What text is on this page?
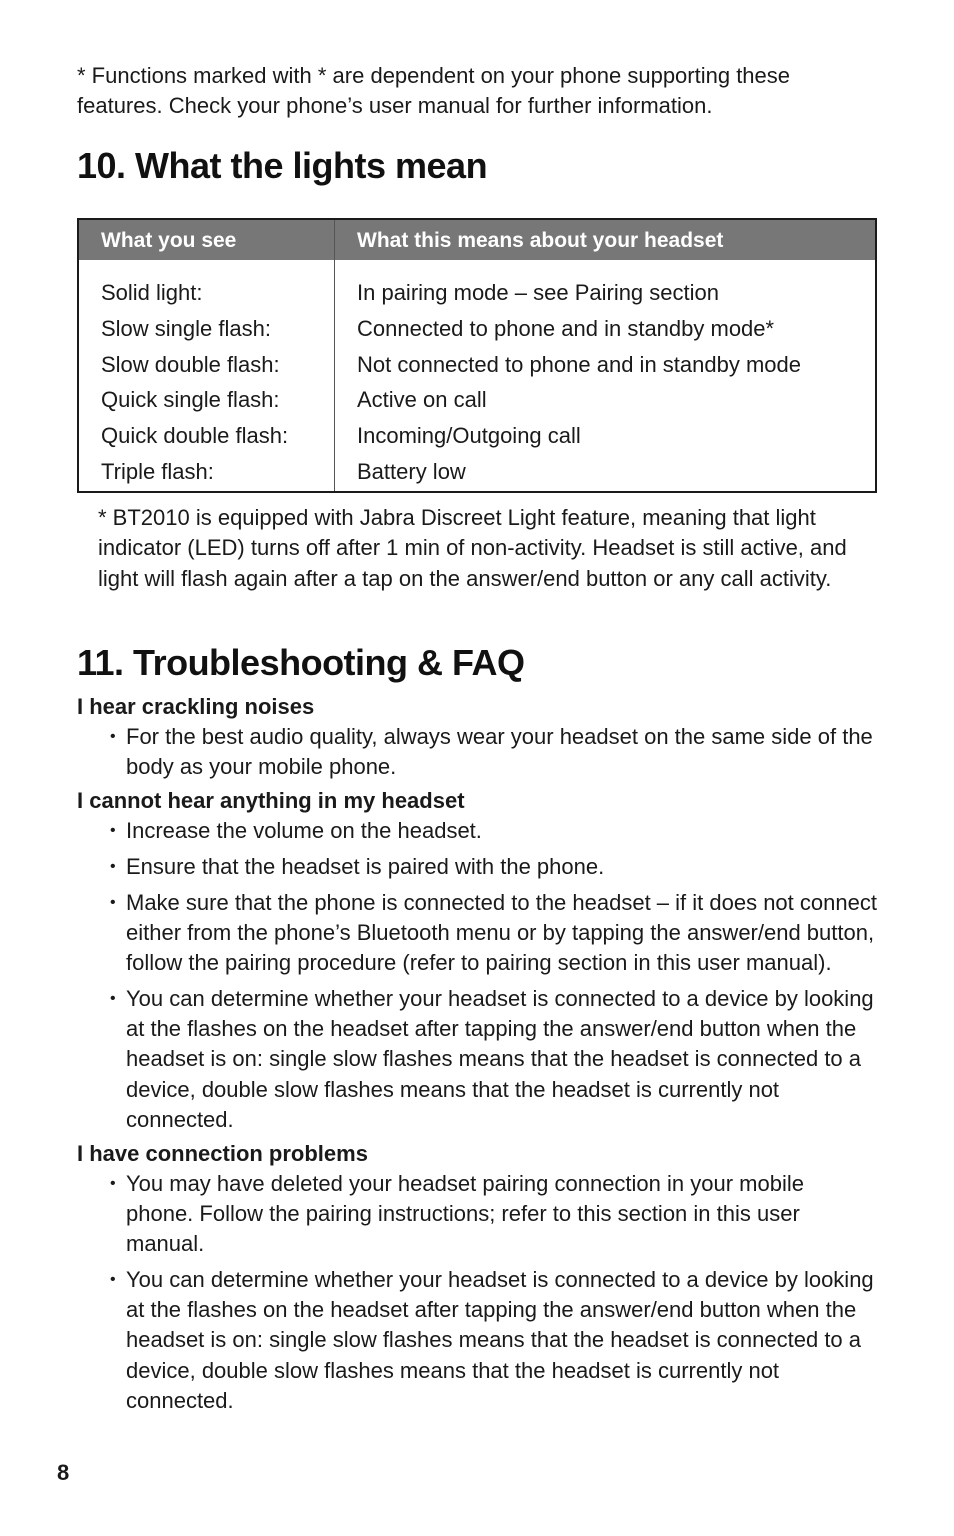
* Functions marked with * are dependent on your phone supporting these features. Check your phone’s user manual for further information.

10. What the lights mean
What you see	What this means about your headset
Solid light:
Slow single flash:
Slow double flash:
Quick single flash:
Quick double flash:
Triple flash:
In pairing mode – see Pairing section
Connected to phone and in standby mode*
Not connected to phone and in standby mode
Active on call
Incoming/Outgoing call
Battery low

* BT2010 is equipped with Jabra Discreet Light feature, meaning that light indicator (LED) turns off after 1 min of non-activity. Headset is still active, and light will flash again after a tap on the answer/end button or any call activity.

11. Troubleshooting & FAQ
I hear crackling noises
• For the best audio quality, always wear your headset on the same side of the body as your mobile phone.
I cannot hear anything in my headset
• Increase the volume on the headset.
• Ensure that the headset is paired with the phone.
• Make sure that the phone is connected to the headset – if it does not connect either from the phone’s Bluetooth menu or by tapping the answer/end button, follow the pairing procedure (refer to pairing section in this user manual).
• You can determine whether your headset is connected to a device by looking at the flashes on the headset after tapping the answer/end button when the headset is on: single slow flashes means that the headset is connected to a device, double slow flashes means that the headset is currently not connected.
I have connection problems
• You may have deleted your headset pairing connection in your mobile phone. Follow the pairing instructions; refer to this section in this user manual.
• You can determine whether your headset is connected to a device by looking at the flashes on the headset after tapping the answer/end button when the headset is on: single slow flashes means that the headset is connected to a device, double slow flashes means that the headset is currently not connected.
8
